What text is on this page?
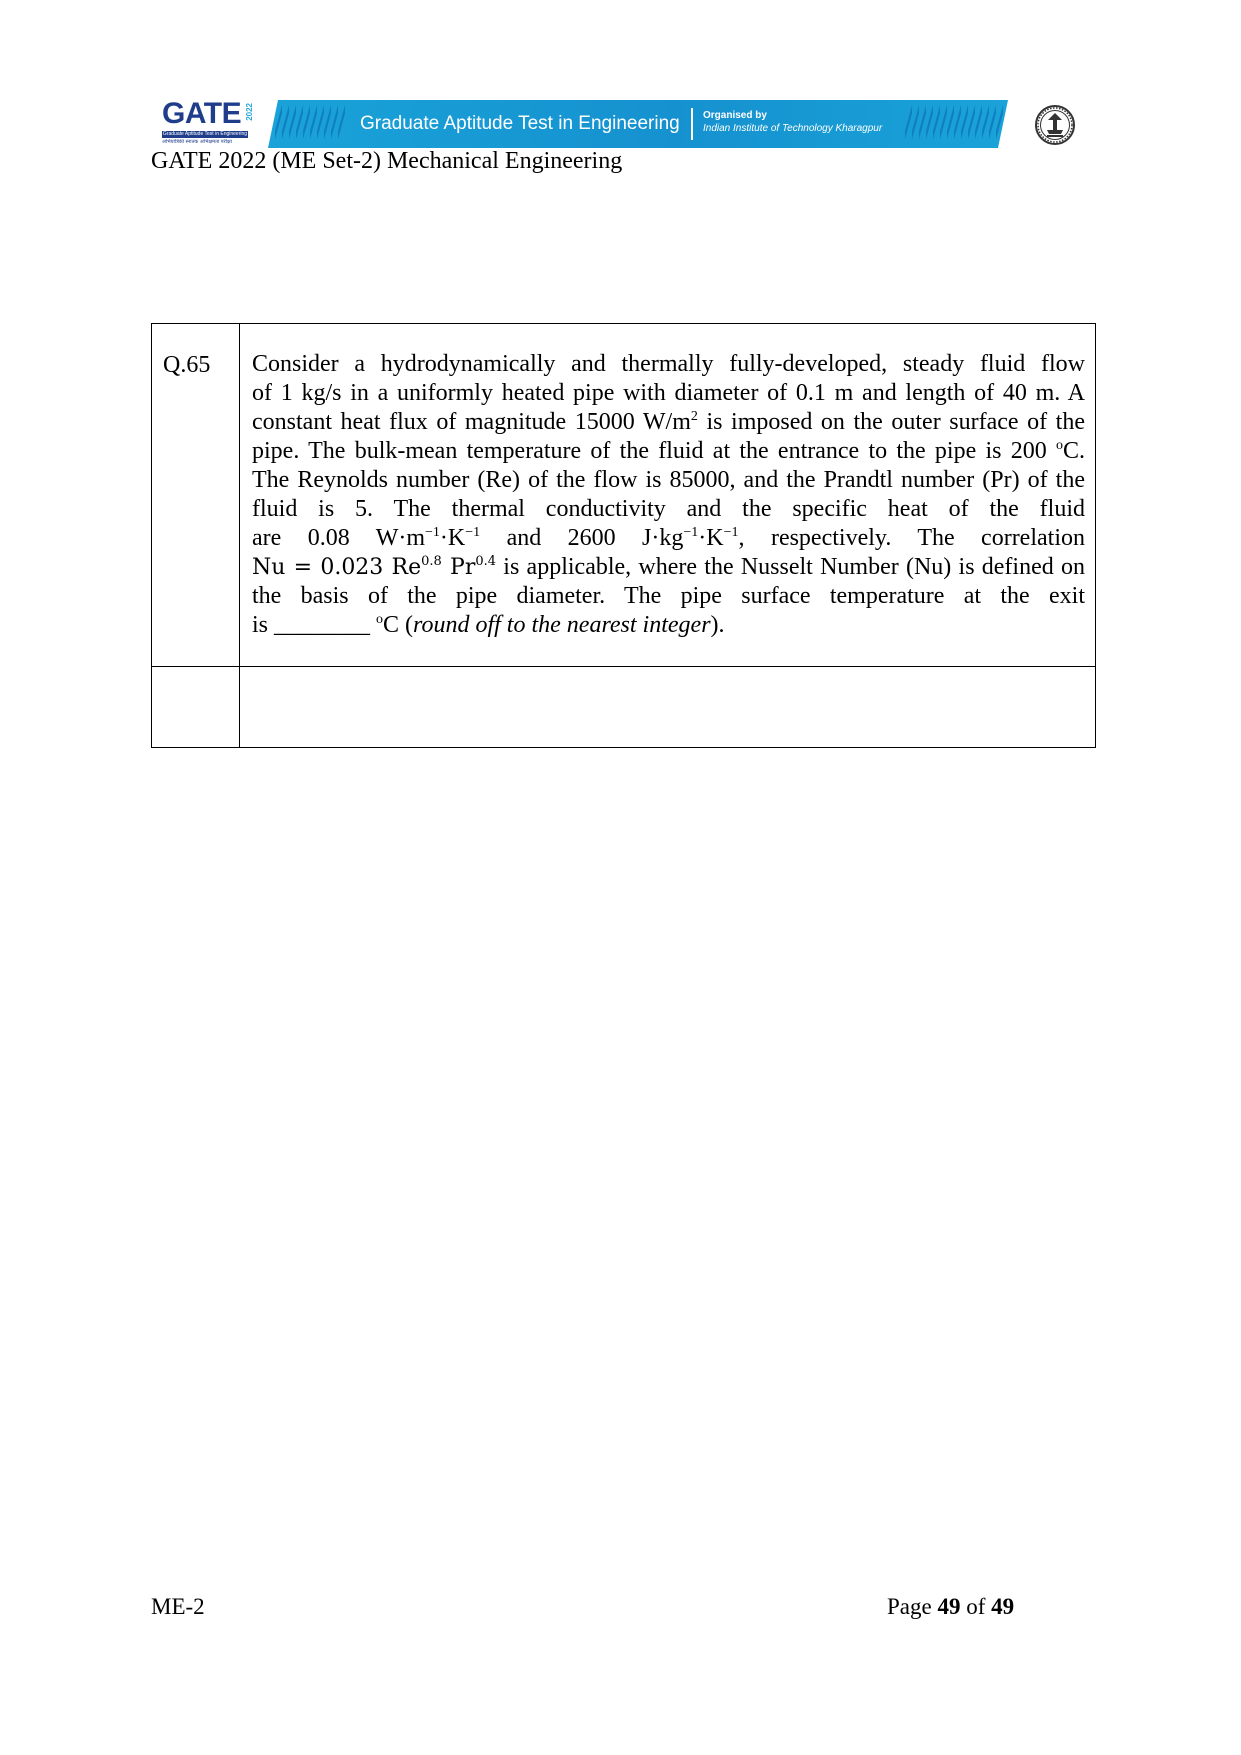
GATE 2022
Graduate Aptitude Test in Engineering
अभियांत्रिकी स्नातक अभिक्षमता परीक्षा
Graduate Aptitude Test in Engineering Organised by
Indian Institute of Technology Kharagpur
GATE 2022 (ME Set-2) Mechanical Engineering
Q.65 Consider a hydrodynamically and thermally fully-developed, steady fluid flow
of 1 kg/s in a uniformly heated pipe with diameter of 0.1 m and length of 40 m. A
constant heat flux of magnitude 15000 $W/m^2$ is imposed on the outer surface of the
pipe. The bulk-mean temperature of the fluid at the entrance to the pipe is 200 $^o$C.
The Reynolds number (Re) of the flow is 85000, and the Prandtl number (Pr) of the
fluid is 5. The thermal conductivity and the specific heat of the fluid
are 0.08 $W\cdot m^{-1}\cdot K^{-1}$ and 2600 $J\cdot kg^{-1}\cdot K^{-1}$, respectively. The correlation
Nu = 0.023 $Re^{0.8}$ $Pr^{0.4}$ is applicable, where the Nusselt Number (Nu) is defined on
the basis of the pipe diameter. The pipe surface temperature at the exit
is ________ $^o$C (round off to the nearest integer).
ME-2	Page 49 of 49
